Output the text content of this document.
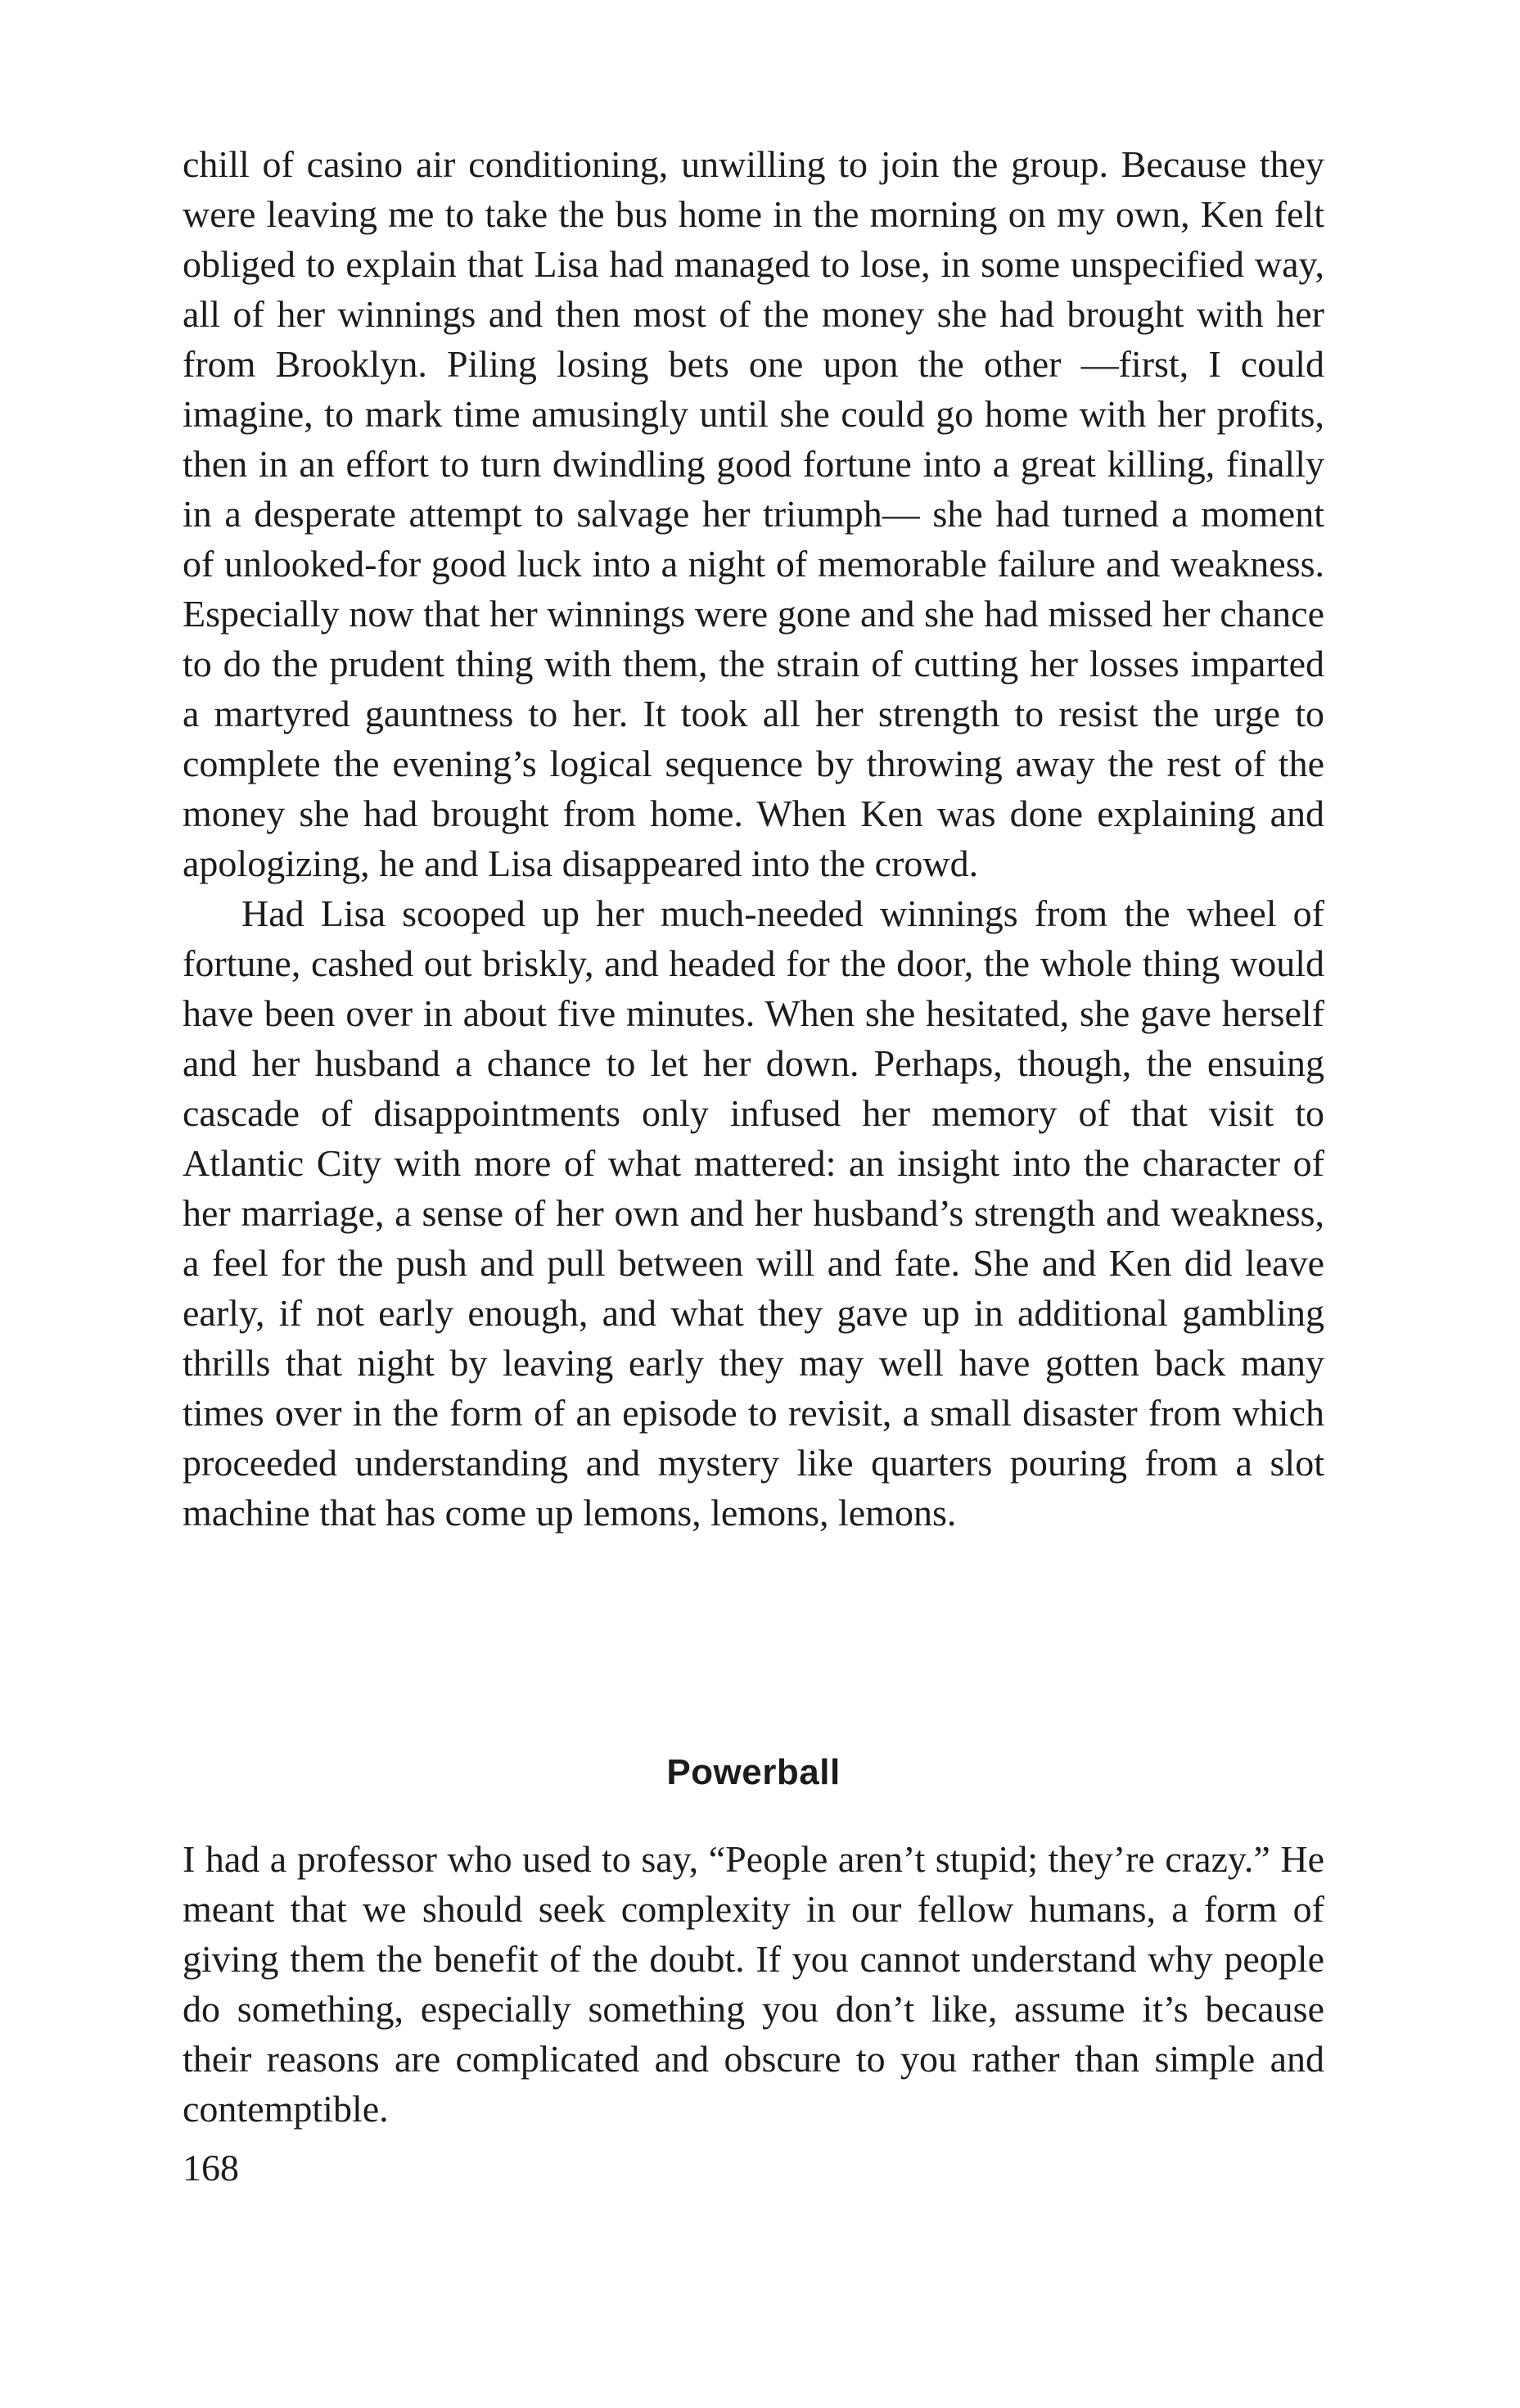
chill of casino air conditioning, unwilling to join the group. Because they were leaving me to take the bus home in the morning on my own, Ken felt obliged to explain that Lisa had managed to lose, in some unspecified way, all of her winnings and then most of the money she had brought with her from Brooklyn. Piling losing bets one upon the other —first, I could imagine, to mark time amusingly until she could go home with her profits, then in an effort to turn dwindling good fortune into a great killing, finally in a desperate attempt to salvage her triumph— she had turned a moment of unlooked-for good luck into a night of memorable failure and weakness. Especially now that her winnings were gone and she had missed her chance to do the prudent thing with them, the strain of cutting her losses imparted a martyred gauntness to her. It took all her strength to resist the urge to complete the evening’s logical sequence by throwing away the rest of the money she had brought from home. When Ken was done explaining and apologizing, he and Lisa disappeared into the crowd.

Had Lisa scooped up her much-needed winnings from the wheel of fortune, cashed out briskly, and headed for the door, the whole thing would have been over in about five minutes. When she hesitated, she gave herself and her husband a chance to let her down. Perhaps, though, the ensuing cascade of disappointments only infused her memory of that visit to Atlantic City with more of what mattered: an insight into the character of her marriage, a sense of her own and her husband’s strength and weakness, a feel for the push and pull between will and fate. She and Ken did leave early, if not early enough, and what they gave up in additional gambling thrills that night by leaving early they may well have gotten back many times over in the form of an episode to revisit, a small disaster from which proceeded understanding and mystery like quarters pouring from a slot machine that has come up lemons, lemons, lemons.

Powerball

I had a professor who used to say, “People aren’t stupid; they’re crazy.” He meant that we should seek complexity in our fellow humans, a form of giving them the benefit of the doubt. If you cannot understand why people do something, especially something you don’t like, assume it’s because their reasons are complicated and obscure to you rather than simple and contemptible.

168
